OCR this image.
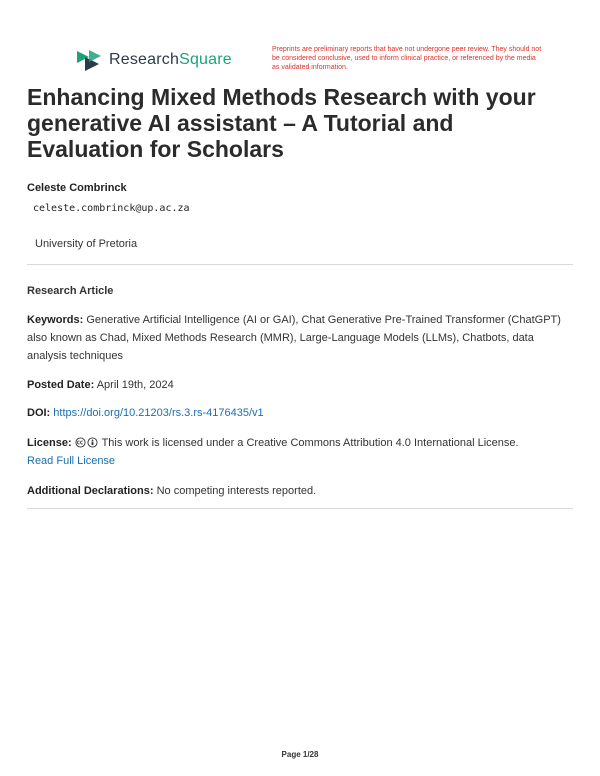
ResearchSquare
Preprints are preliminary reports that have not undergone peer review. They should not be considered conclusive, used to inform clinical practice, or referenced by the media as validated information.
Enhancing Mixed Methods Research with your generative AI assistant – A Tutorial and Evaluation for Scholars
Celeste Combrinck
celeste.combrinck@up.ac.za
University of Pretoria
Research Article
Keywords: Generative Artificial Intelligence (AI or GAI), Chat Generative Pre-Trained Transformer (ChatGPT) also known as Chad, Mixed Methods Research (MMR), Large-Language Models (LLMs), Chatbots, data analysis techniques
Posted Date: April 19th, 2024
DOI: https://doi.org/10.21203/rs.3.rs-4176435/v1
License:	This work is licensed under a Creative Commons Attribution 4.0 International License.
Read Full License
Additional Declarations: No competing interests reported.
Page 1/28
